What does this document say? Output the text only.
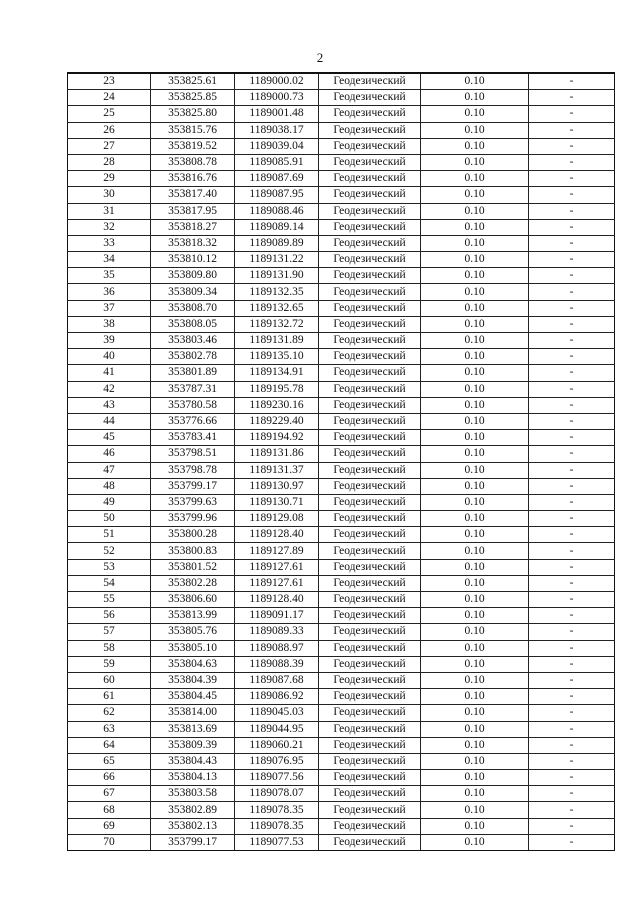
2
23	353825.61	1189000.02	Геодезический	0.10	-
24	353825.85	1189000.73	Геодезический	0.10	-
25	353825.80	1189001.48	Геодезический	0.10	-
26	353815.76	1189038.17	Геодезический	0.10	-
27	353819.52	1189039.04	Геодезический	0.10	-
28	353808.78	1189085.91	Геодезический	0.10	-
29	353816.76	1189087.69	Геодезический	0.10	-
30	353817.40	1189087.95	Геодезический	0.10	-
31	353817.95	1189088.46	Геодезический	0.10	-
32	353818.27	1189089.14	Геодезический	0.10	-
33	353818.32	1189089.89	Геодезический	0.10	-
34	353810.12	1189131.22	Геодезический	0.10	-
35	353809.80	1189131.90	Геодезический	0.10	-
36	353809.34	1189132.35	Геодезический	0.10	-
37	353808.70	1189132.65	Геодезический	0.10	-
38	353808.05	1189132.72	Геодезический	0.10	-
39	353803.46	1189131.89	Геодезический	0.10	-
40	353802.78	1189135.10	Геодезический	0.10	-
41	353801.89	1189134.91	Геодезический	0.10	-
42	353787.31	1189195.78	Геодезический	0.10	-
43	353780.58	1189230.16	Геодезический	0.10	-
44	353776.66	1189229.40	Геодезический	0.10	-
45	353783.41	1189194.92	Геодезический	0.10	-
46	353798.51	1189131.86	Геодезический	0.10	-
47	353798.78	1189131.37	Геодезический	0.10	-
48	353799.17	1189130.97	Геодезический	0.10	-
49	353799.63	1189130.71	Геодезический	0.10	-
50	353799.96	1189129.08	Геодезический	0.10	-
51	353800.28	1189128.40	Геодезический	0.10	-
52	353800.83	1189127.89	Геодезический	0.10	-
53	353801.52	1189127.61	Геодезический	0.10	-
54	353802.28	1189127.61	Геодезический	0.10	-
55	353806.60	1189128.40	Геодезический	0.10	-
56	353813.99	1189091.17	Геодезический	0.10	-
57	353805.76	1189089.33	Геодезический	0.10	-
58	353805.10	1189088.97	Геодезический	0.10	-
59	353804.63	1189088.39	Геодезический	0.10	-
60	353804.39	1189087.68	Геодезический	0.10	-
61	353804.45	1189086.92	Геодезический	0.10	-
62	353814.00	1189045.03	Геодезический	0.10	-
63	353813.69	1189044.95	Геодезический	0.10	-
64	353809.39	1189060.21	Геодезический	0.10	-
65	353804.43	1189076.95	Геодезический	0.10	-
66	353804.13	1189077.56	Геодезический	0.10	-
67	353803.58	1189078.07	Геодезический	0.10	-
68	353802.89	1189078.35	Геодезический	0.10	-
69	353802.13	1189078.35	Геодезический	0.10	-
70	353799.17	1189077.53	Геодезический	0.10	-
